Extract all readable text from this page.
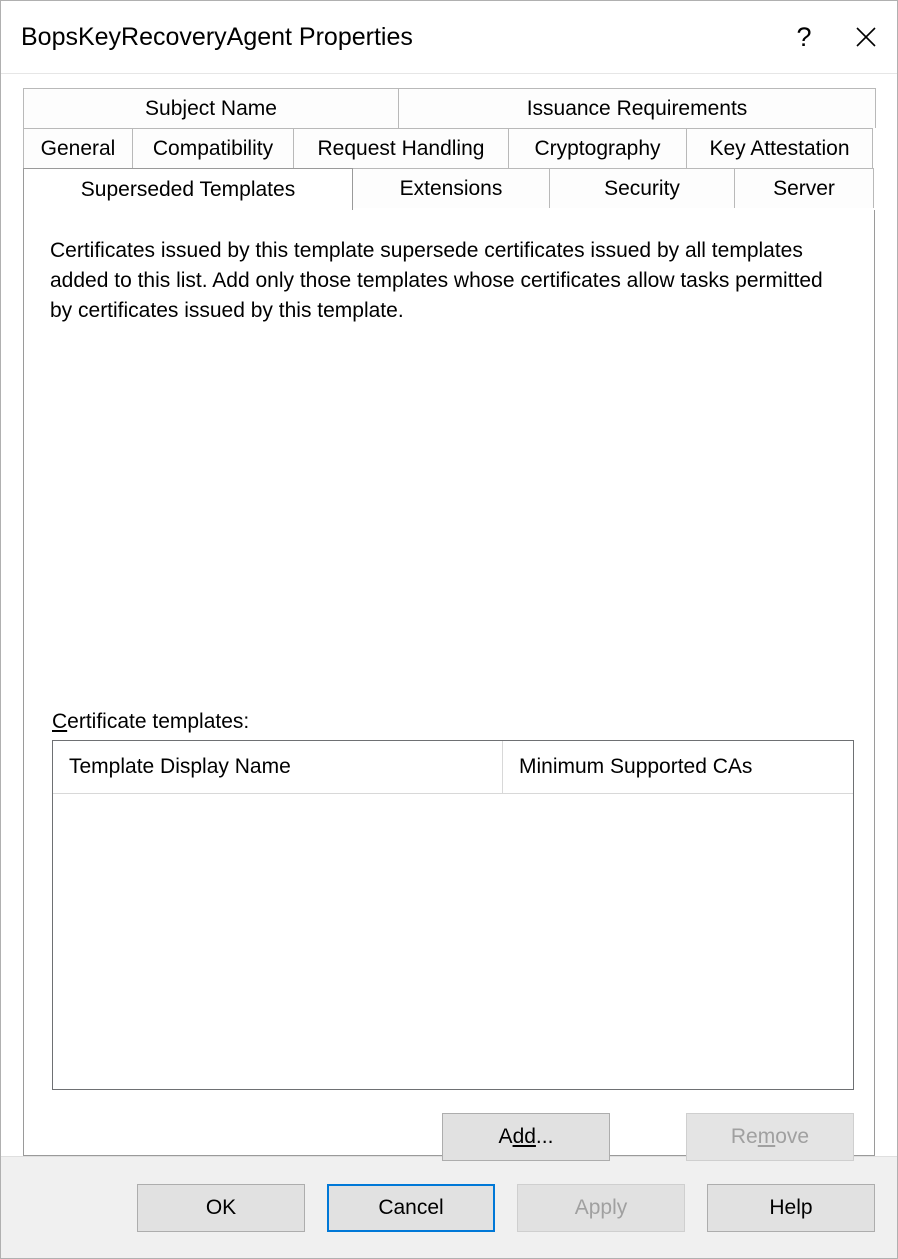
BopsKeyRecoveryAgent Properties	?
Subject Name	Issuance Requirements
General	Compatibility	Request Handling	Cryptography	Key Attestation
Superseded Templates	Extensions	Security	Server
Certificates issued by this template supersede certificates issued by all templates added to this list. Add only those templates whose certificates allow tasks permitted by certificates issued by this template.
Certificate templates:
Template Display Name	Minimum Supported CAs
A dd ...	Re m ove
OK	Cancel	Apply	Help
